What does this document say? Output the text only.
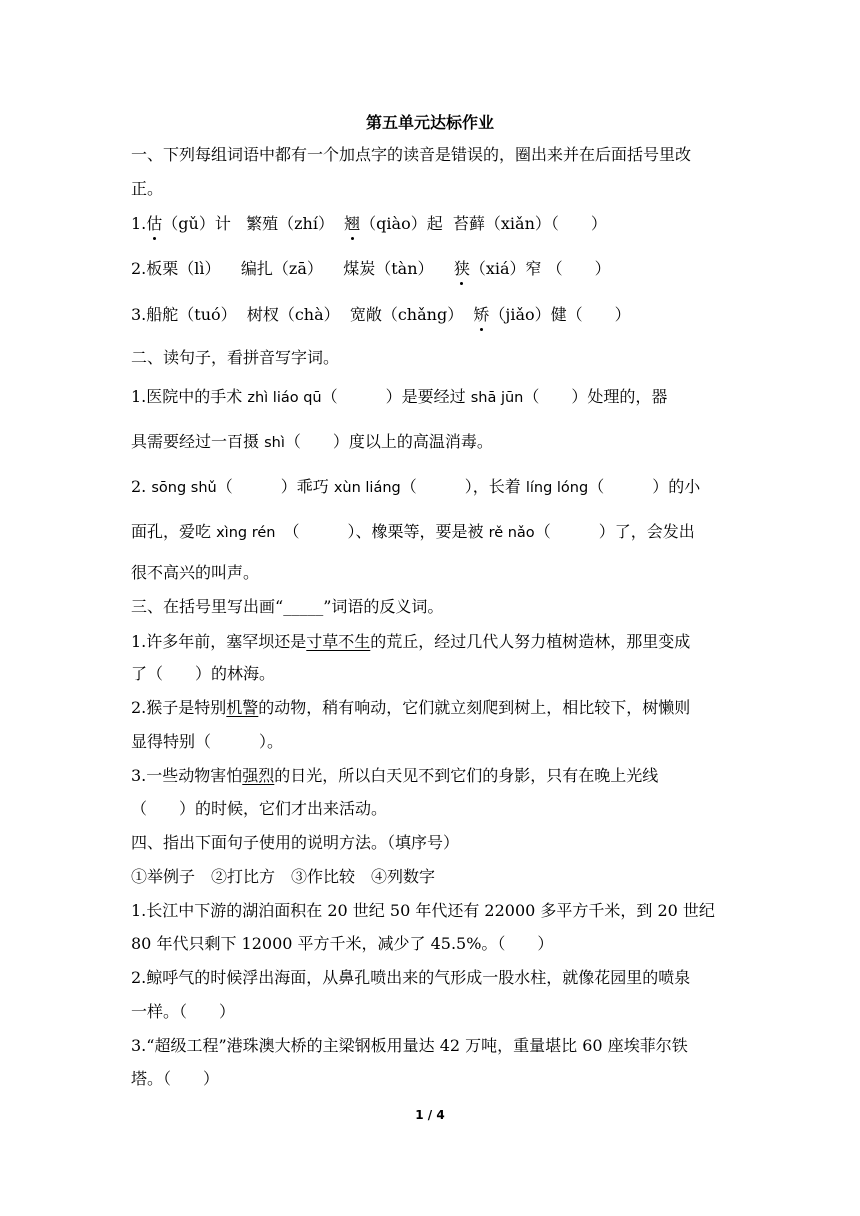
第五单元达标作业
一、下列每组词语中都有一个加点字的读音是错误的，圈出来并在后面括号里改
正。
1.估（gǔ）计 繁殖（zhí） 翘（qiào）起 苔藓（xiǎn）（　　）
2.板栗（lì） 编扎（zā） 煤炭（tàn） 狭（xiá）窄 （　　）
3.船舵（tuó） 树杈（chà） 宽敞（chǎng） 矫（jiǎo）健（　　）
二、读句子，看拼音写字词。
1.医院中的手术 zhì liáo qū（　　　）是要经过 shā jūn（　　）处理的，器
具需要经过一百摄 shì（　　）度以上的高温消毒。
2. sōng shǔ（　　　）乖巧 xùn liáng（　　　），长着 líng lóng（　　　）的小
面孔，爱吃 xìng rén　（　　　）、橡栗等，要是被 rě nǎo（　　　）了，会发出
很不高兴的叫声。
三、在括号里写出画“_____”词语的反义词。
1.许多年前，塞罕坝还是寸草不生的荒丘，经过几代人努力植树造林，那里变成
了（　　）的林海。
2.猴子是特别机警的动物，稍有响动，它们就立刻爬到树上，相比较下，树懒则
显得特别（　　　）。
3.一些动物害怕强烈的日光，所以白天见不到它们的身影，只有在晚上光线
（　　）的时候，它们才出来活动。
四、指出下面句子使用的说明方法。（填序号）
①举例子　②打比方　③作比较　④列数字
1.长江中下游的湖泊面积在 20 世纪 50 年代还有 22000 多平方千米，到 20 世纪
80 年代只剩下 12000 平方千米，减少了 45.5%。（　　）
2.鲸呼气的时候浮出海面，从鼻孔喷出来的气形成一股水柱，就像花园里的喷泉
一样。（　　）
3.“超级工程”港珠澳大桥的主梁钢板用量达 42 万吨，重量堪比 60 座埃菲尔铁
塔。（　　）
1 / 4
